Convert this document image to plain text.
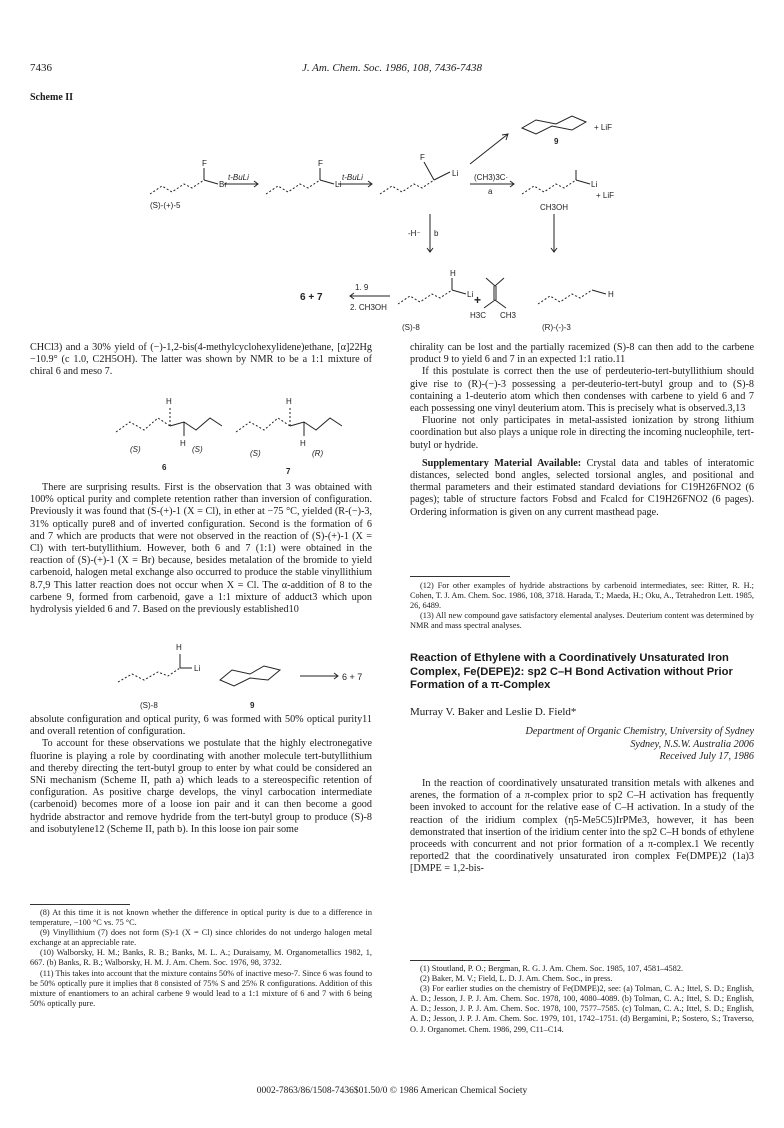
7436	J. Am. Chem. Soc. 1986, 108, 7436-7438
Scheme II
F
Br
(S)-(+)-5
t-BuLi
F
Li
t-BuLi	Li
F
+ LiF
9
(CH3)3C·
a
Li
+ LiF
-H⁻ b
CH3OH
1. 9
2. CH3OH
6 + 7
H
Li +
H3C CH3
(S)-8
H
(R)-(-)-3

CHCl3) and a 30% yield of (−)-1,2-bis(4-methylcyclohexylidene)ethane, [α]22Hg −10.9° (c 1.0, C2H5OH). The latter was shown by NMR to be a 1:1 mixture of chiral 6 and meso 7.

H
H
H
H
(S)	(S)	(S)	(R)
6	7

There are surprising results. First is the observation that 3 was obtained with 100% optical purity and complete retention rather than inversion of configuration. Previously it was found that (S-(+)-1 (X = Cl), in ether at −75 °C, yielded (R-(−)-3, 31% optically pure8 and of inverted configuration. Second is the formation of 6 and 7 which are products that were not observed in the reaction of (S)-(+)-1 (X = Cl) with tert-butyllithium. However, both 6 and 7 (1:1) were obtained in the reaction of (S)-(+)-1 (X = Br) because, besides metalation of the bromide to yield carbenoid, halogen metal exchange also occurred to produce the stable vinyllithium 8.7,9 This latter reaction does not occur when X = Cl. The α-addition of 8 to the carbene 9, formed from carbenoid, gave a 1:1 mixture of adduct3 which upon hydrolysis yielded 6 and 7. Based on the previously established10

H
Li
(S)-8	9
6 + 7

absolute configuration and optical purity, 6 was formed with 50% optical purity11 and overall retention of configuration.

To account for these observations we postulate that the highly electronegative fluorine is playing a role by coordinating with another molecule tert-butyllithium and thereby directing the tert-butyl group to enter by what could be considered an SNi mechanism (Scheme II, path a) which leads to a stereospecific retention of configuration. As positive charge develops, the vinyl carbocation intermediate (carbenoid) becomes more of a loose ion pair and it can then become a good hydride abstractor and remove hydride from the tert-butyl group to produce (S)-8 and isobutylene12 (Scheme II, path b). In this loose ion pair some

(8) At this time it is not known whether the difference in optical purity is due to a difference in temperature, −100 °C vs. 75 °C.

(9) Vinyllithium (7) does not form (S)-1 (X = Cl) since chlorides do not undergo halogen metal exchange at an appreciable rate.

(10) Walborsky, H. M.; Banks, R. B.; Banks, M. L. A.; Duraisamy, M. Organometallics 1982, 1, 667. (b) Banks, R. B.; Walborsky, H. M. J. Am. Chem. Soc. 1976, 98, 3732.

(11) This takes into account that the mixture contains 50% of inactive meso-7. Since 6 was found to be 50% optically pure it implies that 8 consisted of 75% S and 25% R configurations. Addition of this mixture of enantiomers to an achiral carbene 9 would lead to a 1:1 mixture of 6 and 7 with 6 being 50% optically pure.

chirality can be lost and the partially racemized (S)-8 can then add to the carbene product 9 to yield 6 and 7 in an expected 1:1 ratio.11

If this postulate is correct then the use of perdeuterio-tert-butyllithium should give rise to (R)-(−)-3 possessing a per-deuterio-tert-butyl group and to (S)-8 containing a 1-deuterio atom which then condenses with carbene to yield 6 and 7 each possessing one vinyl deuterium atom. This is precisely what is observed.3,13

Fluorine not only participates in metal-assisted ionization by strong lithium coordination but also plays a unique role in directing the incoming nucleophile, tert-butyl or hydride.

Supplementary Material Available: Crystal data and tables of interatomic distances, selected bond angles, selected torsional angles, and positional and thermal parameters and their estimated standard deviations for C19H26FNO2 (6 pages); table of structure factors Fobsd and Fcalcd for C19H26FNO2 (6 pages). Ordering information is given on any current masthead page.

(12) For other examples of hydride abstractions by carbenoid intermediates, see: Ritter, R. H.; Cohen, T. J. Am. Chem. Soc. 1986, 108, 3718. Harada, T.; Maeda, H.; Oku, A., Tetrahedron Lett. 1985, 26, 6489.

(13) All new compound gave satisfactory elemental analyses. Deuterium content was determined by NMR and mass spectral analyses.

Reaction of Ethylene with a Coordinatively Unsaturated Iron Complex, Fe(DEPE)2: sp2 C–H Bond Activation without Prior Formation of a π-Complex
Murray V. Baker and Leslie D. Field*
Department of Organic Chemistry, University of Sydney
Sydney, N.S.W. Australia 2006
Received July 17, 1986

In the reaction of coordinatively unsaturated transition metals with alkenes and arenes, the formation of a π-complex prior to sp2 C–H activation has frequently been invoked to account for the relative ease of C–H activation. In a study of the reaction of the iridium complex (η5-Me5C5)IrPMe3, however, it has been demonstrated that insertion of the iridium center into the sp2 C–H bonds of ethylene proceeds with concurrent and not prior formation of a π-complex.1 We recently reported2 that the coordinatively unsaturated iron complex Fe(DMPE)2 (1a)3 [DMPE = 1,2-bis-

(1) Stoutland, P. O.; Bergman, R. G. J. Am. Chem. Soc. 1985, 107, 4581–4582.

(2) Baker, M. V.; Field, L. D. J. Am. Chem. Soc., in press.

(3) For earlier studies on the chemistry of Fe(DMPE)2, see: (a) Tolman, C. A.; Ittel, S. D.; English, A. D.; Jesson, J. P. J. Am. Chem. Soc. 1978, 100, 4080–4089. (b) Tolman, C. A.; Ittel, S. D.; English, A. D.; Jesson, J. P. J. Am. Chem. Soc. 1978, 100, 7577–7585. (c) Tolman, C. A.; Ittel, S. D.; English, A. D.; Jesson, J. P. J. Am. Chem. Soc. 1979, 101, 1742–1751. (d) Bergamini, P.; Sostero, S.; Traverso, O. J. Organomet. Chem. 1986, 299, C11–C14.

0002-7863/86/1508-7436$01.50/0 © 1986 American Chemical Society
